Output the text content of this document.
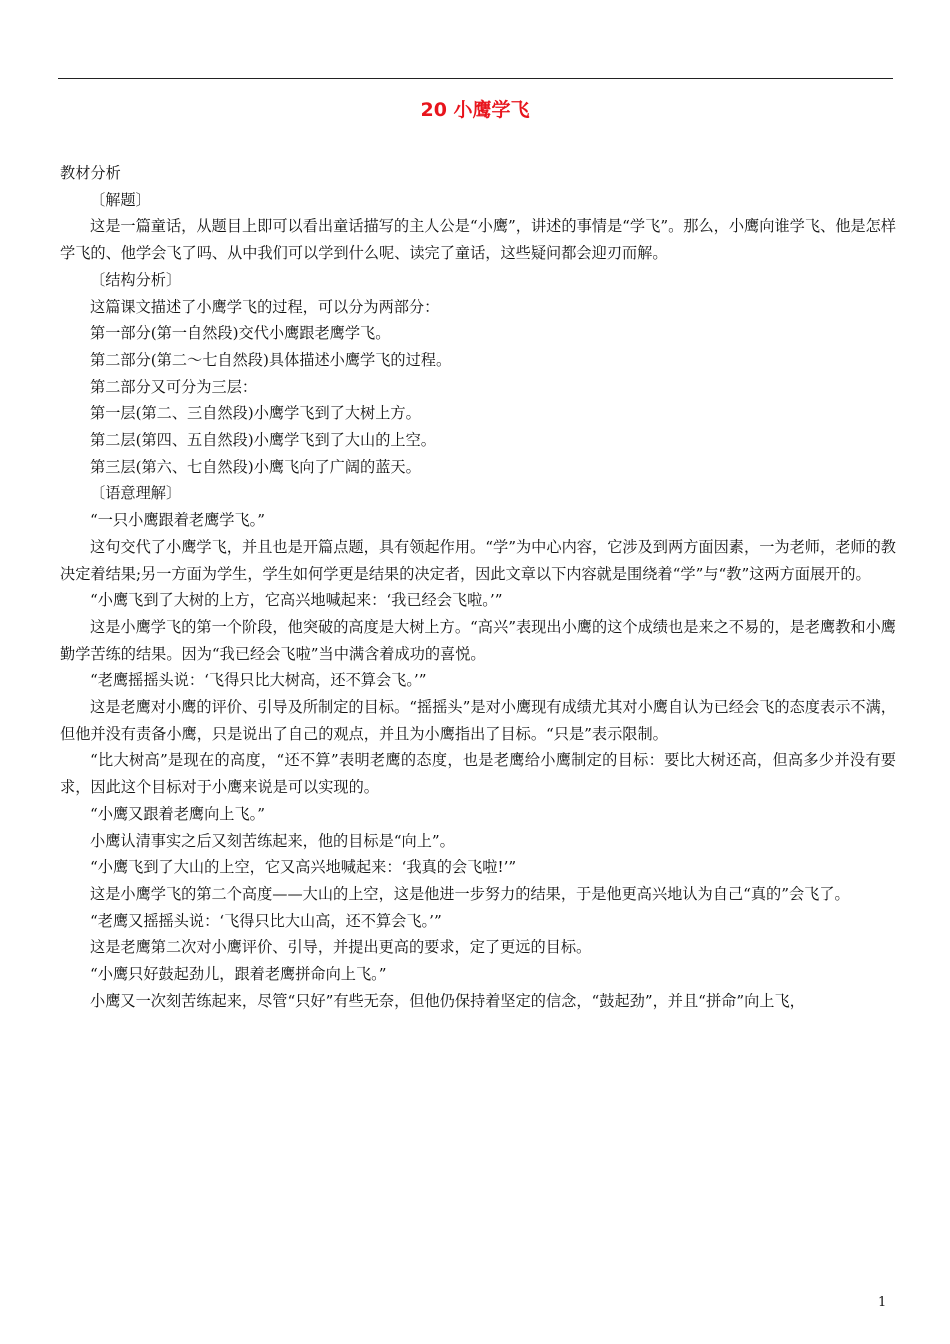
20 小鹰学飞

教材分析

〔解题〕

这是一篇童话，从题目上即可以看出童话描写的主人公是“小鹰”，讲述的事情是“学飞”。那么，小鹰向谁学飞、他是怎样学飞的、他学会飞了吗、从中我们可以学到什么呢、读完了童话，这些疑问都会迎刃而解。

〔结构分析〕

这篇课文描述了小鹰学飞的过程，可以分为两部分：

第一部分(第一自然段)交代小鹰跟老鹰学飞。

第二部分(第二～七自然段)具体描述小鹰学飞的过程。

第二部分又可分为三层：

第一层(第二、三自然段)小鹰学飞到了大树上方。

第二层(第四、五自然段)小鹰学飞到了大山的上空。

第三层(第六、七自然段)小鹰飞向了广阔的蓝天。

〔语意理解〕

“一只小鹰跟着老鹰学飞。”

这句交代了小鹰学飞，并且也是开篇点题，具有领起作用。“学”为中心内容，它涉及到两方面因素，一为老师，老师的教决定着结果;另一方面为学生，学生如何学更是结果的决定者，因此文章以下内容就是围绕着“学”与“教”这两方面展开的。

“小鹰飞到了大树的上方，它高兴地喊起来：‘我已经会飞啦。’”

这是小鹰学飞的第一个阶段，他突破的高度是大树上方。“高兴”表现出小鹰的这个成绩也是来之不易的，是老鹰教和小鹰勤学苦练的结果。因为“我已经会飞啦”当中满含着成功的喜悦。

“老鹰摇摇头说：‘飞得只比大树高，还不算会飞。’”

这是老鹰对小鹰的评价、引导及所制定的目标。“摇摇头”是对小鹰现有成绩尤其对小鹰自认为已经会飞的态度表示不满，但他并没有责备小鹰，只是说出了自己的观点，并且为小鹰指出了目标。“只是”表示限制。

“比大树高”是现在的高度，“还不算”表明老鹰的态度，也是老鹰给小鹰制定的目标：要比大树还高，但高多少并没有要求，因此这个目标对于小鹰来说是可以实现的。

“小鹰又跟着老鹰向上飞。”

小鹰认清事实之后又刻苦练起来，他的目标是“向上”。

“小鹰飞到了大山的上空，它又高兴地喊起来：‘我真的会飞啦!’”

这是小鹰学飞的第二个高度——大山的上空，这是他进一步努力的结果，于是他更高兴地认为自己“真的”会飞了。

“老鹰又摇摇头说：‘飞得只比大山高，还不算会飞。’”

这是老鹰第二次对小鹰评价、引导，并提出更高的要求，定了更远的目标。

“小鹰只好鼓起劲儿，跟着老鹰拼命向上飞。”

小鹰又一次刻苦练起来，尽管“只好”有些无奈，但他仍保持着坚定的信念，“鼓起劲”，并且“拼命”向上飞，

1
